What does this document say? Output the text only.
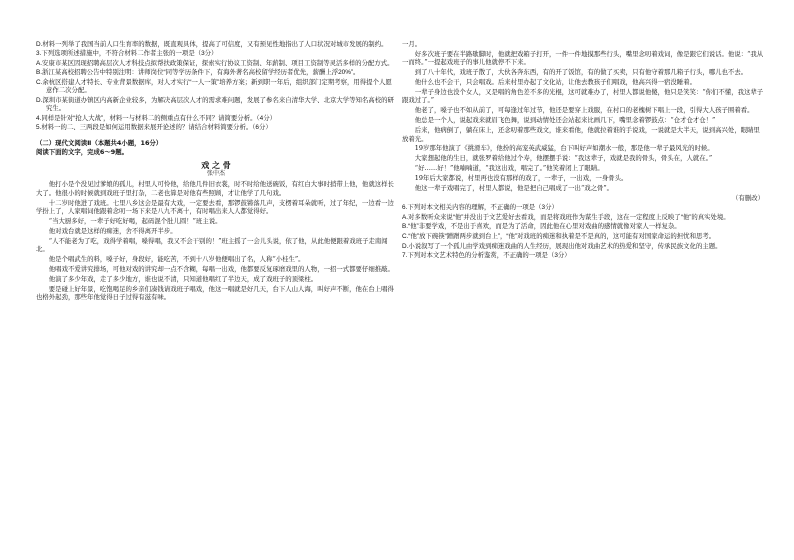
D.材料一列举了我国当前人口生育率的数据，既直观具体，提高了可信度，又有预见性地指出了人口状况对城市发展的制约。

3.下列选项所述措施中，不符合材料二作者主张的一项是（3分）

A.安康市某区因现招聘高层次人才科技点拟帮扶政策保证，探索实行协议工资制、年薪制、项目工资制等灵活多样的分配方式。

B.浙江某高校招聘公告中特别注明：讲师岗位“同等学历条件下，有海外著名高校留学经历者优先，薪酬上浮20%”。

C.余杭区搭建人才特长、专业背景数据库，对人才实行“一人一策”培养方案；新到职一年后，组织部门定期考察，用得提个人愿意作二次分配。

D.深圳市某街道办镇区内高新企业较多，为解决高层次人才的需求难问题，发展了参名来自清华大学、北京大学等知名高校的研究生。

4.同样是针对“抢人大战”，材料一与材料二的侧重点有什么不同？请简要分析。（4分）

5.材料一的二、三两段是如何运用数据来展开论述的？请结合材料简要分析。（6分）

（二）现代文阅读Ⅱ（本题共4小题，16分）

阅读下面的文字，完成6～9题。

戏 之 骨
张中杰

他打小是个没见过爹娘的孤儿，村里人可怜他，给他几件旧衣裳，时不时给他送碗饭，有红白大事时捎带上他，他就这样长大了。他很小的时候就到戏班子里打杂，二老也算是对他有些照顾，才让他学了几句戏。

十二岁时他进了戏班。七里八乡这会是最有大戏，一定要去看，那锣鼓锵落几声，支楞着耳朵就听，过了年纪，一边看一边学扮上了，人家唱词他跟着念叨一场下来是八九不离十，有时唱出来人人都觉得好。

“当大厨多好，一辈子好吃好喝，起码混个肚儿圆！”班主说。

他对戏台就是这样的痴迷，舍不得离开半步。

“人不能老为了吃，戏得学着唱，嗓得唱，我又不会干别的！”班主摇了一会儿头说，依了他，从此他便跟着戏班子走南闯北。

他是个唱武生的料，嗓子好，身段好，能吃苦，不到十八岁他便唱出了名，人称“小桂生”。

他唱戏不爱讲究排场，可他对戏的讲究却一点不含糊，每唱一出戏，他都要反复琢磨戏里的人物，一招一式都要仔细推敲。

他演了多少年戏，走了多少地方，谁也说不清，只知道他唱红了半边天，成了戏班子的顶梁柱。

要是碰上好年景，吃饱喝足的乡亲们凑钱请戏班子唱戏，他这一唱就是好几天，台下人山人海，叫好声不断，他在台上唱得也格外起劲，那些年他觉得日子过得有滋有味。

一月。

好多次班子要在半路歇脚时，他就把戏箱子打开，一件一件地摸那些行头，嘴里念叨着戏词，像是跟它们说话。他说：“我从一而终。”一提起戏班子的事儿他就停不下来。

到了八十年代，戏班子散了，大伙各奔东西，有的开了饭馆，有的做了买卖，只有他守着那几箱子行头，哪儿也不去。

他什么也不会干，只会唱戏。后来村里办起了文化站，让他去教孩子们唱戏，他高兴得一宿没睡着。

一辈子身边也没个女人，又是唱的角色差不多的光棍，这可就难办了，村里人都说他傻，他只是笑笑：“你们不懂，我这辈子跟戏过了。”

他老了，嗓子也不如从前了，可每逢过年过节，他还是要穿上戏服，在村口的老槐树下唱上一段，引得大人孩子围着看。

他总是一个人，说起戏来就眉飞色舞，说到动情处还会站起来比画几下，嘴里念着锣鼓点：“仓才仓才仓！”

后来，他病倒了，躺在床上，还念叨着那些戏文，谁来看他，他就拉着谁的手说戏，一说就是大半天，说到高兴处，眼睛里放着光。

19岁那年他演了《挑滑车》，他扮的高宠英武威猛，台下叫好声如潮水一般，那是他一辈子最风光的时候。

大家想起他的生日，就张罗着给他过个寿，他摆摆手说：“我这辈子，戏就是我的骨头，骨头在，人就在。”

“好……好！”他喃喃道，“我这出戏，唱完了。”他笑着闭上了眼睛。

19年后大家都说，村里再也没有那样的戏了，一辈子，一出戏，一身骨头。

他这一辈子戏唱完了，村里人都说，他是把自己唱成了一出“戏之骨”。

（有删改）

6.下列对本文相关内容的理解，不正确的一项是（3分）

A.对多数听众来说“他”并没出于文艺爱好去看戏，而是将戏班作为谋生手段，这在一定程度上反映了“他”的真实处境。

B.“他”非要学戏，不是出于喜欢，而是为了活命，因此他在心里对戏曲的感情就像对家人一样复杂。

C.“他”放下碗筷“蹭蹭两步就到台上”，“他”对戏班的痴迷和执着是不是真的，这可能有对国家命运的担忧和思考。

D.小说叙写了一个孤儿由学戏到痴迷戏曲的人生经历，展现出他对戏曲艺术的热爱和坚守，传承民族文化的主题。

7.下列对本文艺术特色的分析鉴赏，不正确的一项是（3分）
